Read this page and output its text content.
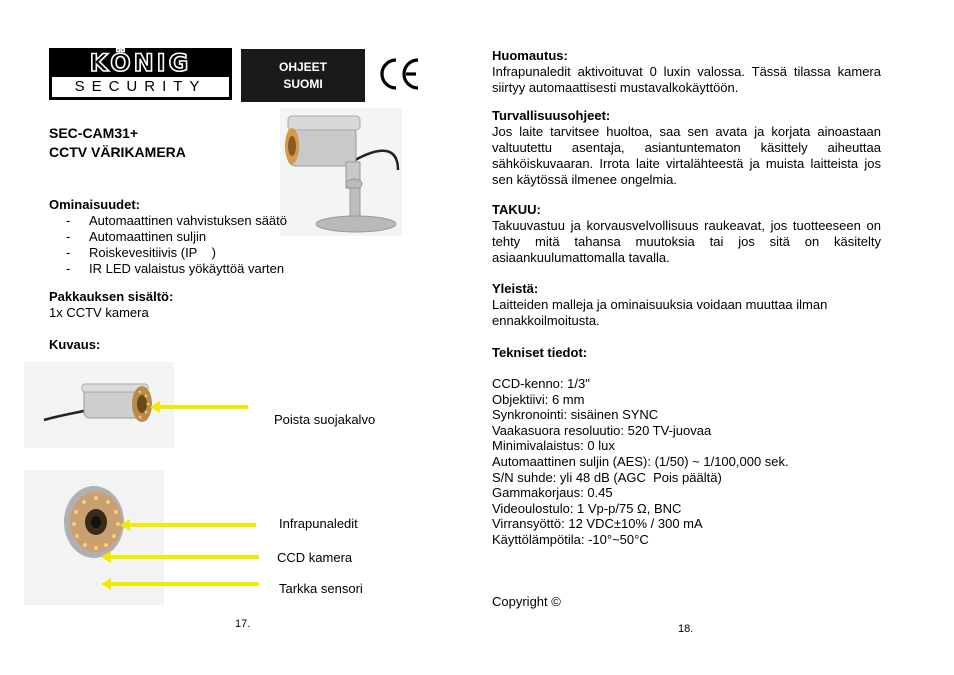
KÖNIG
SECURITY
OHJEET
SUOMI
SEC-CAM31+
CCTV VÄRIKAMERA
Ominaisuudet:
-	Automaattinen vahvistuksen säätö
-	Automaattinen suljin
-	Roiskevesitiivis (IP    )
-	IR LED valaistus yökäyttöä varten
Pakkauksen sisältö:
1x CCTV kamera
Kuvaus:
Poista suojakalvo
Infrapunaledit
CCD kamera
Tarkka sensori
17.
Huomautus:
Infrapunaledit aktivoituvat 0 luxin valossa. Tässä tilassa kamera siirtyy automaattisesti mustavalkokäyttöön.
Turvallisuusohjeet:
Jos laite tarvitsee huoltoa, saa sen avata ja korjata ainoastaan valtuutettu asentaja, asiantuntematon käsittely aiheuttaa sähköiskuvaaran. Irrota laite virtalähteestä ja muista laitteista jos sen käytössä ilmenee ongelmia.
TAKUU:
Takuuvastuu ja korvausvelvollisuus raukeavat, jos tuotteeseen on tehty mitä tahansa muutoksia tai jos sitä on käsitelty asiaankuulumattomalla tavalla.
Yleistä:
Laitteiden malleja ja ominaisuuksia voidaan muuttaa ilman ennakkoilmoitusta.
Tekniset tiedot:
CCD-kenno: 1/3"
Objektiivi: 6 mm
Synkronointi: sisäinen SYNC
Vaakasuora resoluutio: 520 TV-juovaa
Minimivalaistus: 0 lux
Automaattinen suljin (AES): (1/50) ~ 1/100,000 sek.
S/N suhde: yli 48 dB (AGC  Pois päältä)
Gammakorjaus: 0.45
Videoulostulo: 1 Vp-p/75 Ω, BNC
Virransyöttö: 12 VDC±10% / 300 mA
Käyttölämpötila: -10°~50°C
Copyright ©
18.
